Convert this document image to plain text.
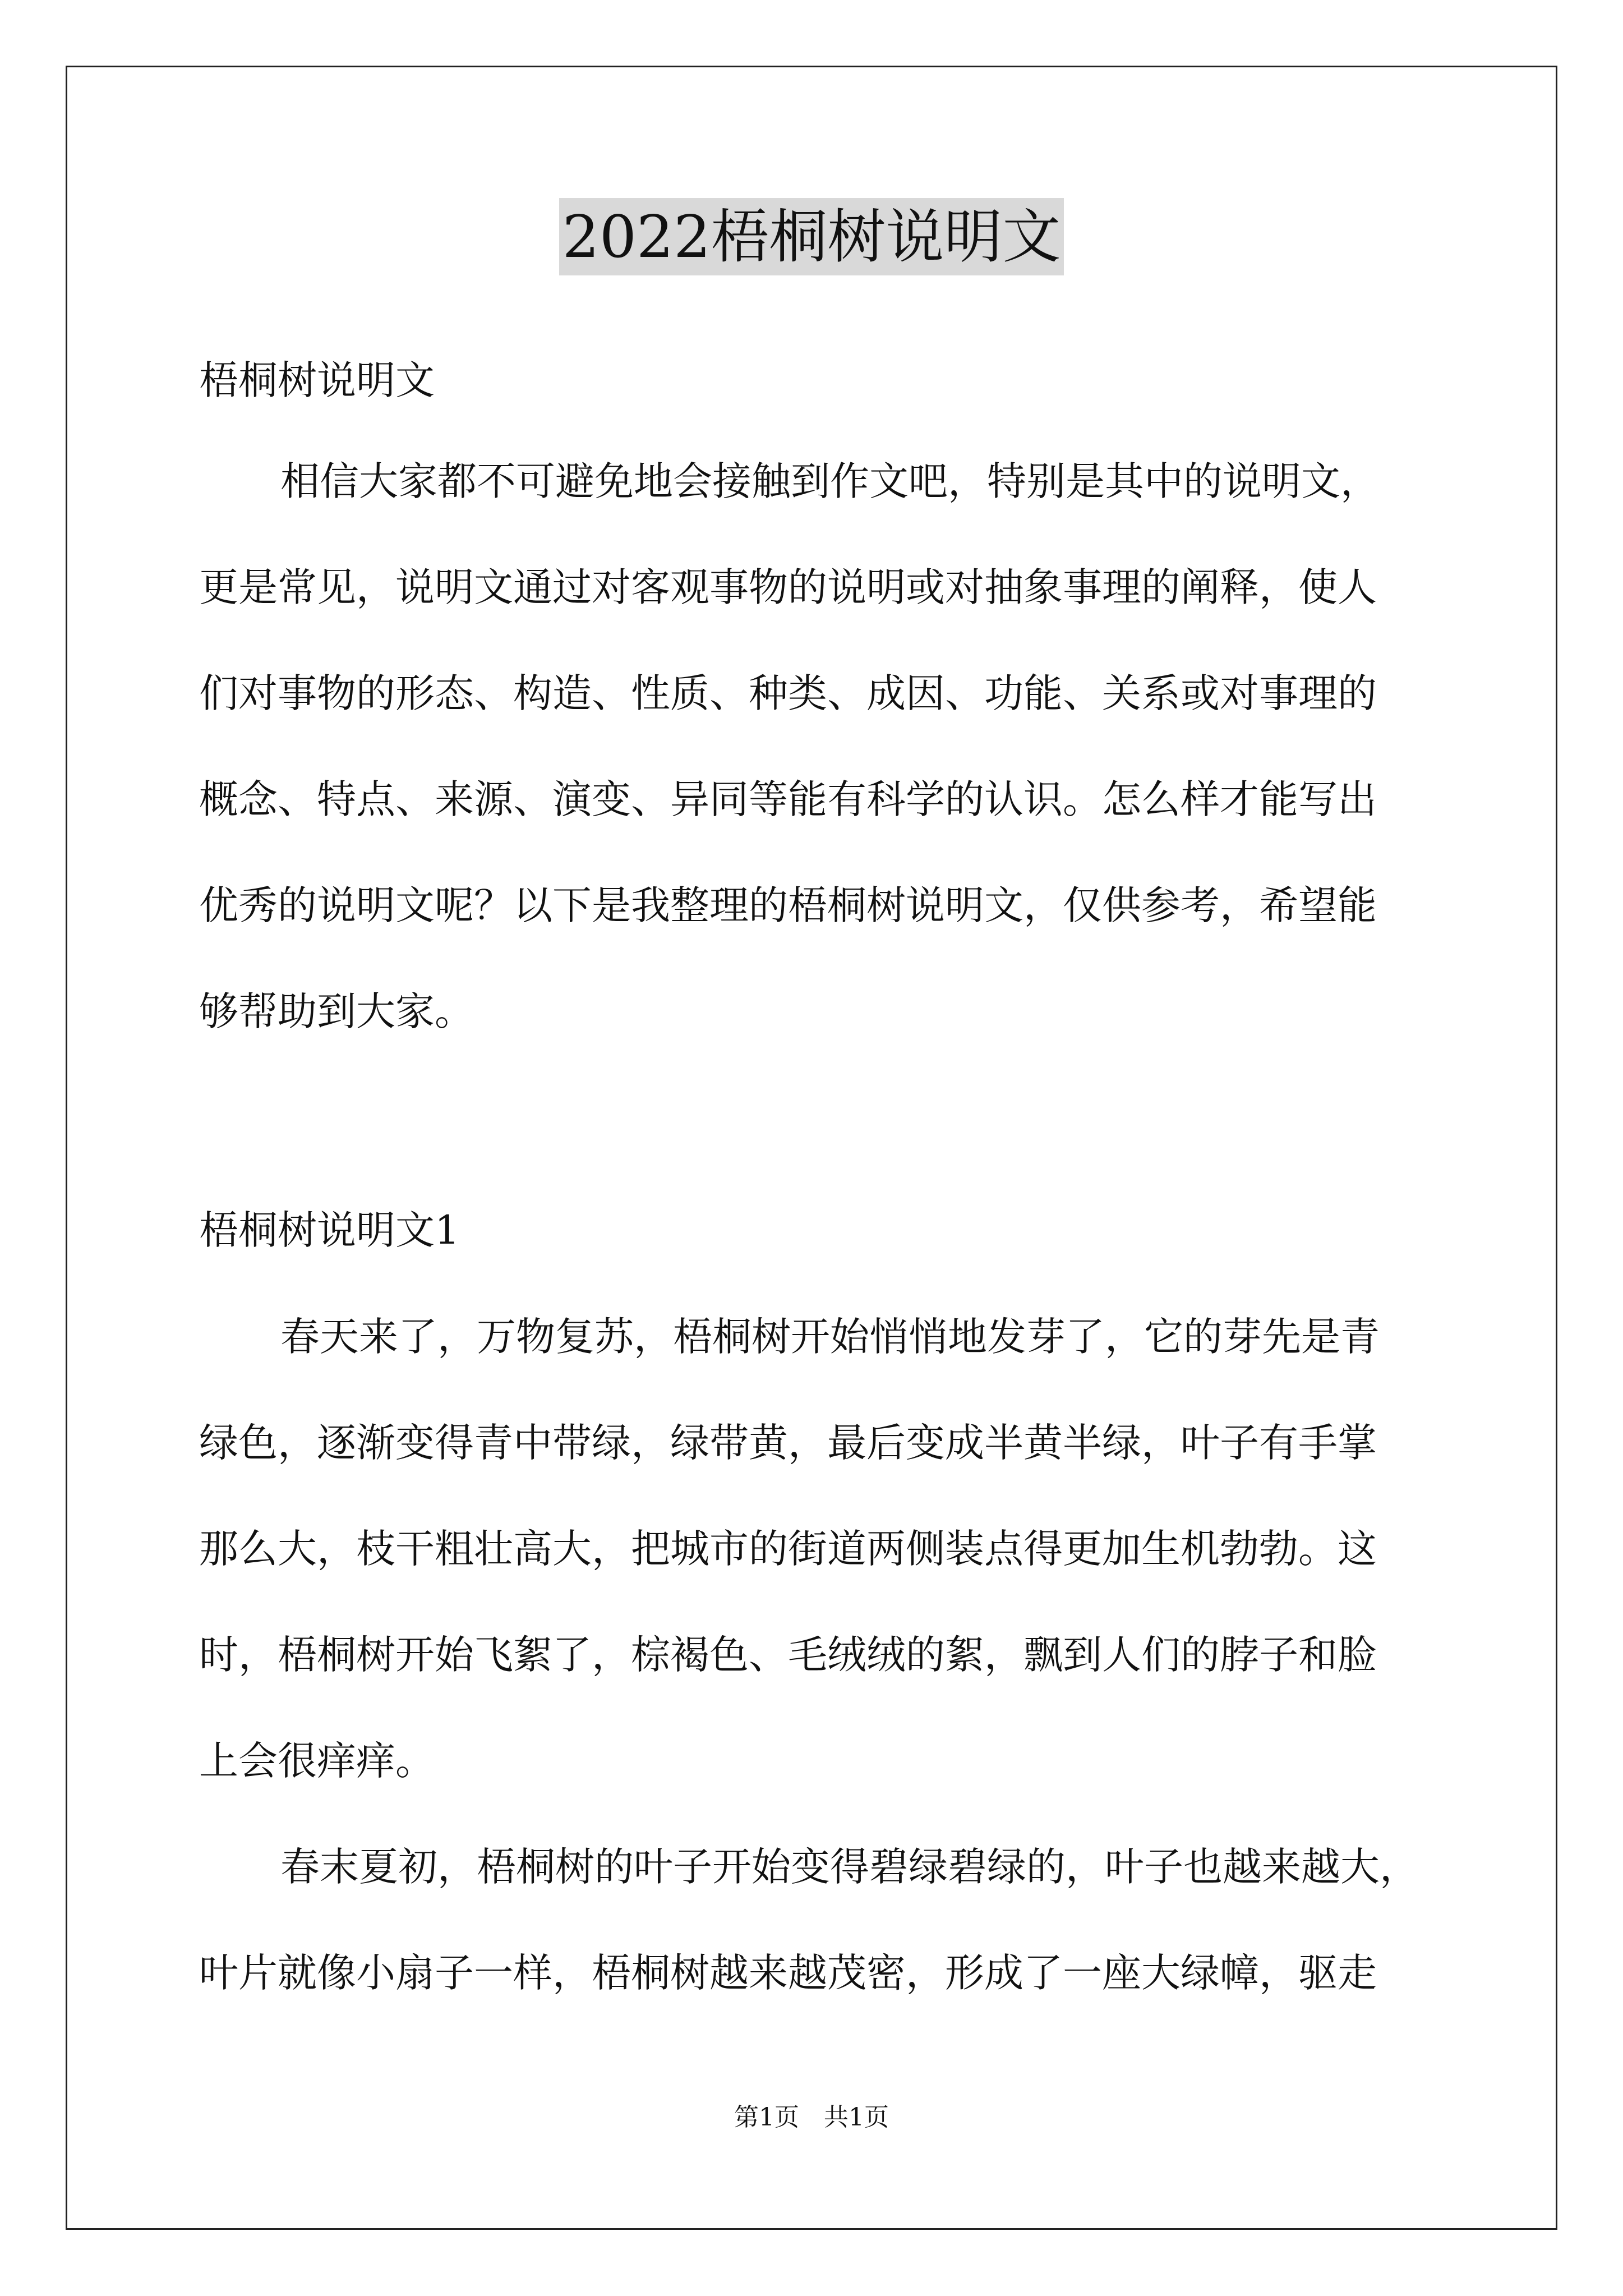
2022梧桐树说明文
梧桐树说明文
相信大家都不可避免地会接触到作文吧，特别是其中的说明文，
更是常见，说明文通过对客观事物的说明或对抽象事理的阐释，使人
们对事物的形态、构造、性质、种类、成因、功能、关系或对事理的
概念、特点、来源、演变、异同等能有科学的认识。怎么样才能写出
优秀的说明文呢？以下是我整理的梧桐树说明文，仅供参考，希望能
够帮助到大家。
梧桐树说明文1
春天来了，万物复苏，梧桐树开始悄悄地发芽了，它的芽先是青
绿色，逐渐变得青中带绿，绿带黄，最后变成半黄半绿，叶子有手掌
那么大，枝干粗壮高大，把城市的街道两侧装点得更加生机勃勃。这
时，梧桐树开始飞絮了，棕褐色、毛绒绒的絮，飘到人们的脖子和脸
上会很痒痒。
春末夏初，梧桐树的叶子开始变得碧绿碧绿的，叶子也越来越大，
叶片就像小扇子一样，梧桐树越来越茂密，形成了一座大绿幛，驱走
第1页　共1页
